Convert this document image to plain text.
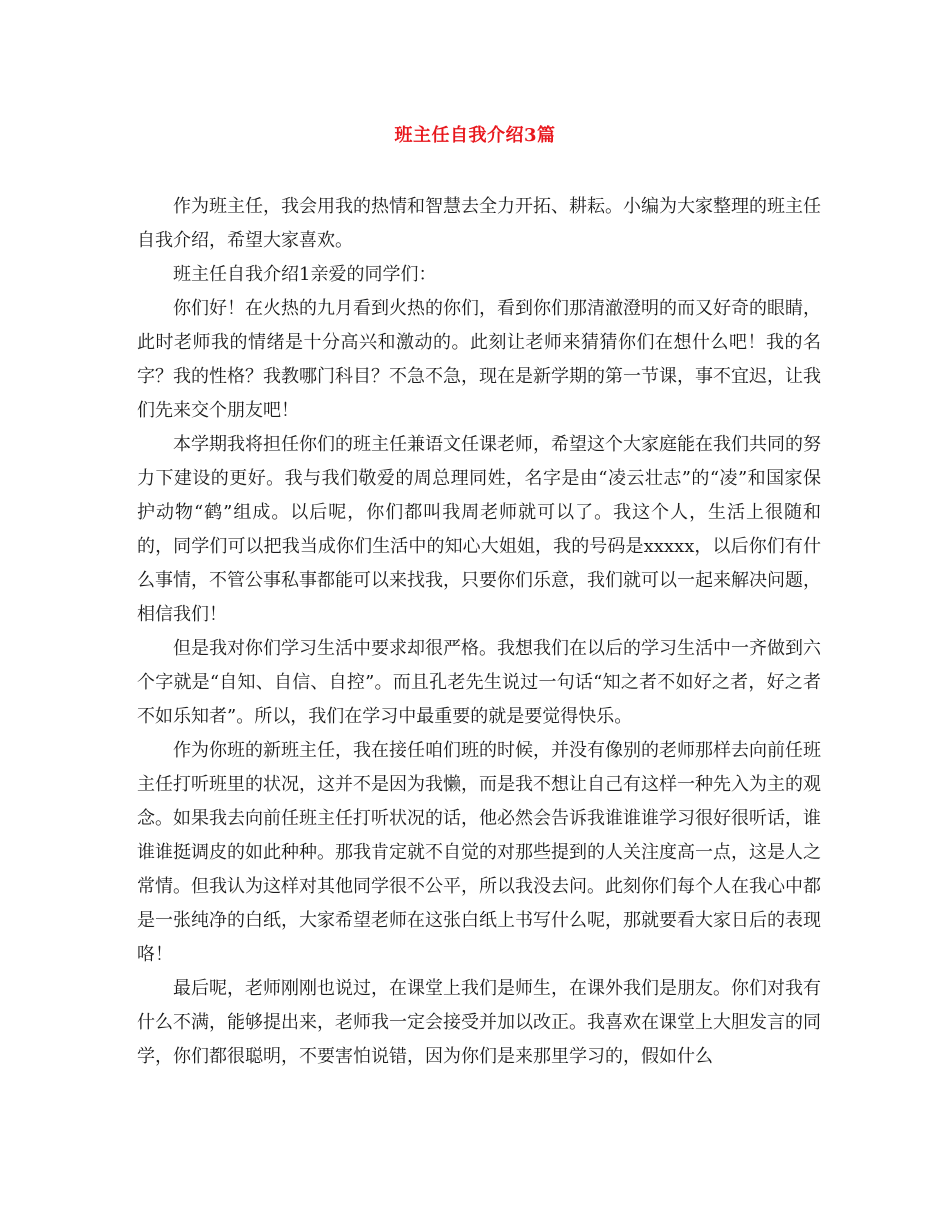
班主任自我介绍3篇

作为班主任，我会用我的热情和智慧去全力开拓、耕耘。小编为大家整理的班主任自我介绍，希望大家喜欢。

班主任自我介绍1亲爱的同学们：

你们好！在火热的九月看到火热的你们，看到你们那清澈澄明的而又好奇的眼睛，此时老师我的情绪是十分高兴和激动的。此刻让老师来猜猜你们在想什么吧！我的名字？我的性格？我教哪门科目？不急不急，现在是新学期的第一节课，事不宜迟，让我们先来交个朋友吧！

本学期我将担任你们的班主任兼语文任课老师，希望这个大家庭能在我们共同的努力下建设的更好。我与我们敬爱的周总理同姓，名字是由“凌云壮志”的“凌”和国家保护动物“鹤”组成。以后呢，你们都叫我周老师就可以了。我这个人，生活上很随和的，同学们可以把我当成你们生活中的知心大姐姐，我的号码是xxxxx，以后你们有什么事情，不管公事私事都能可以来找我，只要你们乐意，我们就可以一起来解决问题，相信我们！

但是我对你们学习生活中要求却很严格。我想我们在以后的学习生活中一齐做到六个字就是“自知、自信、自控”。而且孔老先生说过一句话“知之者不如好之者，好之者不如乐知者”。所以，我们在学习中最重要的就是要觉得快乐。

作为你班的新班主任，我在接任咱们班的时候，并没有像别的老师那样去向前任班主任打听班里的状况，这并不是因为我懒，而是我不想让自己有这样一种先入为主的观念。如果我去向前任班主任打听状况的话，他必然会告诉我谁谁谁学习很好很听话，谁谁谁挺调皮的如此种种。那我肯定就不自觉的对那些提到的人关注度高一点，这是人之常情。但我认为这样对其他同学很不公平，所以我没去问。此刻你们每个人在我心中都是一张纯净的白纸，大家希望老师在这张白纸上书写什么呢，那就要看大家日后的表现咯！

最后呢，老师刚刚也说过，在课堂上我们是师生，在课外我们是朋友。你们对我有什么不满，能够提出来，老师我一定会接受并加以改正。我喜欢在课堂上大胆发言的同学，你们都很聪明，不要害怕说错，因为你们是来那里学习的，假如什么
